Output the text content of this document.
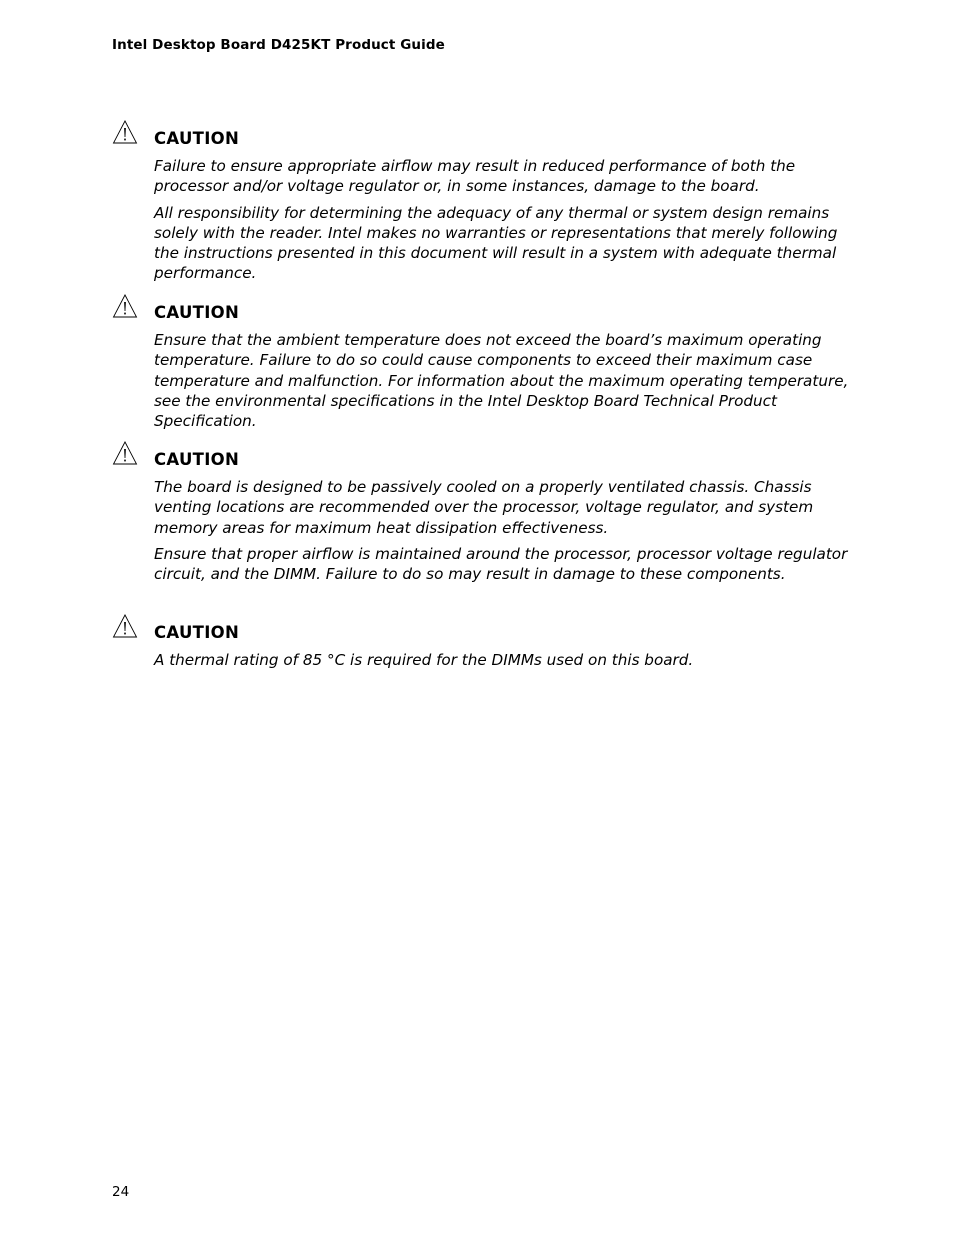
Intel Desktop Board D425KT Product Guide
CAUTION

Failure to ensure appropriate airflow may result in reduced performance of both the processor and/or voltage regulator or, in some instances, damage to the board.

All responsibility for determining the adequacy of any thermal or system design remains solely with the reader. Intel makes no warranties or representations that merely following the instructions presented in this document will result in a system with adequate thermal performance.

CAUTION

Ensure that the ambient temperature does not exceed the board’s maximum operating temperature. Failure to do so could cause components to exceed their maximum case temperature and malfunction. For information about the maximum operating temperature, see the environmental specifications in the Intel Desktop Board Technical Product Specification.

CAUTION

The board is designed to be passively cooled on a properly ventilated chassis. Chassis venting locations are recommended over the processor, voltage regulator, and system memory areas for maximum heat dissipation effectiveness.

Ensure that proper airflow is maintained around the processor, processor voltage regulator circuit, and the DIMM. Failure to do so may result in damage to these components.

CAUTION

A thermal rating of 85 °C is required for the DIMMs used on this board.

24
